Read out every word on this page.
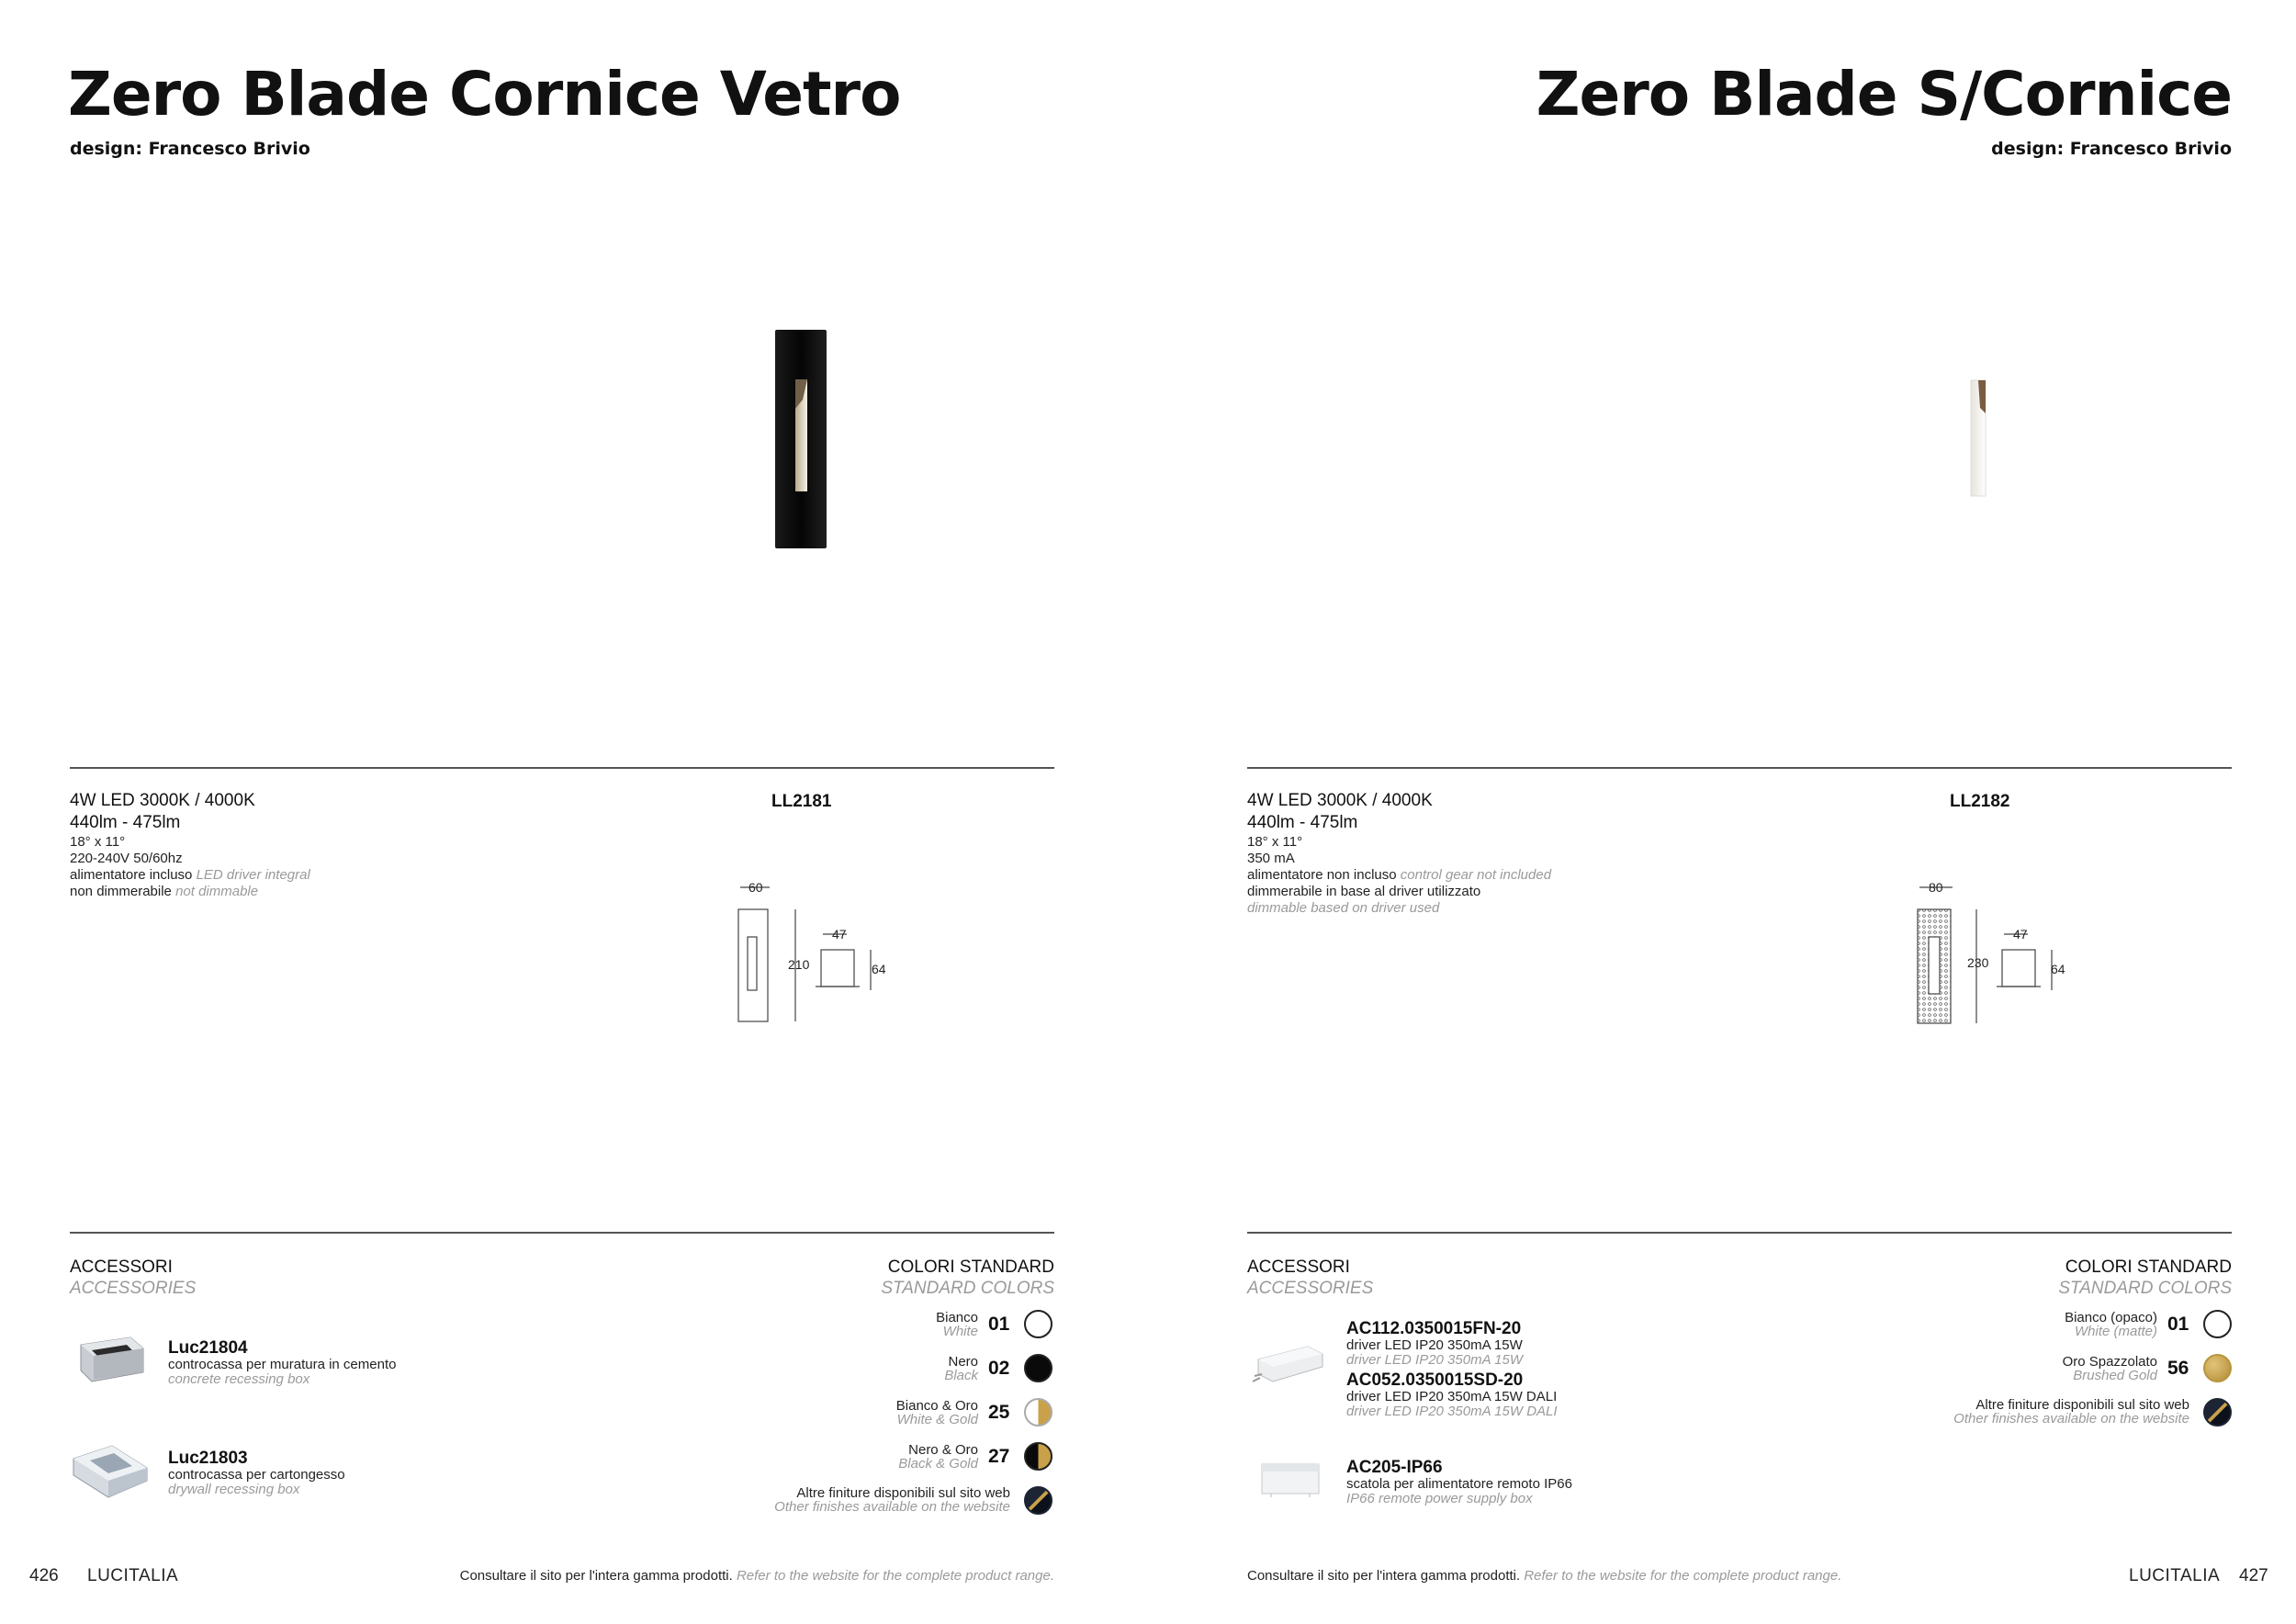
Zero Blade Cornice Vetro
design: Francesco Brivio
4W LED 3000K / 4000K
440lm - 475lm
18° x 11°
220-240V 50/60hz
alimentatore incluso LED driver integral
non dimmerabile not dimmable
LL2181
60
210
47
64
ACCESSORI
ACCESSORIES
Luc21804
controcassa per muratura in cemento
concrete recessing box
Luc21803
controcassa per cartongesso
drywall recessing box
COLORI STANDARD
STANDARD COLORS
Bianco
White 01
Nero
Black 02
Bianco & Oro
White & Gold 25
Nero & Oro
Black & Gold 27
Altre finiture disponibili sul sito web
Other finishes available on the website
426 LUCITALIA	Consultare il sito per l'intera gamma prodotti. Refer to the website for the complete product range.
Zero Blade S/Cornice
design: Francesco Brivio
4W LED 3000K / 4000K
440lm - 475lm
18° x 11°
350 mA
alimentatore non incluso control gear not included
dimmerabile in base al driver utilizzato
dimmable based on driver used
LL2182
80
230
47
64
ACCESSORI
ACCESSORIES
AC112.0350015FN-20
driver LED IP20 350mA 15W
driver LED IP20 350mA 15W
AC052.0350015SD-20
driver LED IP20 350mA 15W DALI
driver LED IP20 350mA 15W DALI
AC205-IP66
scatola per alimentatore remoto IP66
IP66 remote power supply box
COLORI STANDARD
STANDARD COLORS
Bianco (opaco)
White (matte) 01
Oro Spazzolato
Brushed Gold 56
Altre finiture disponibili sul sito web
Other finishes available on the website
Consultare il sito per l'intera gamma prodotti. Refer to the website for the complete product range.	LUCITALIA 427
